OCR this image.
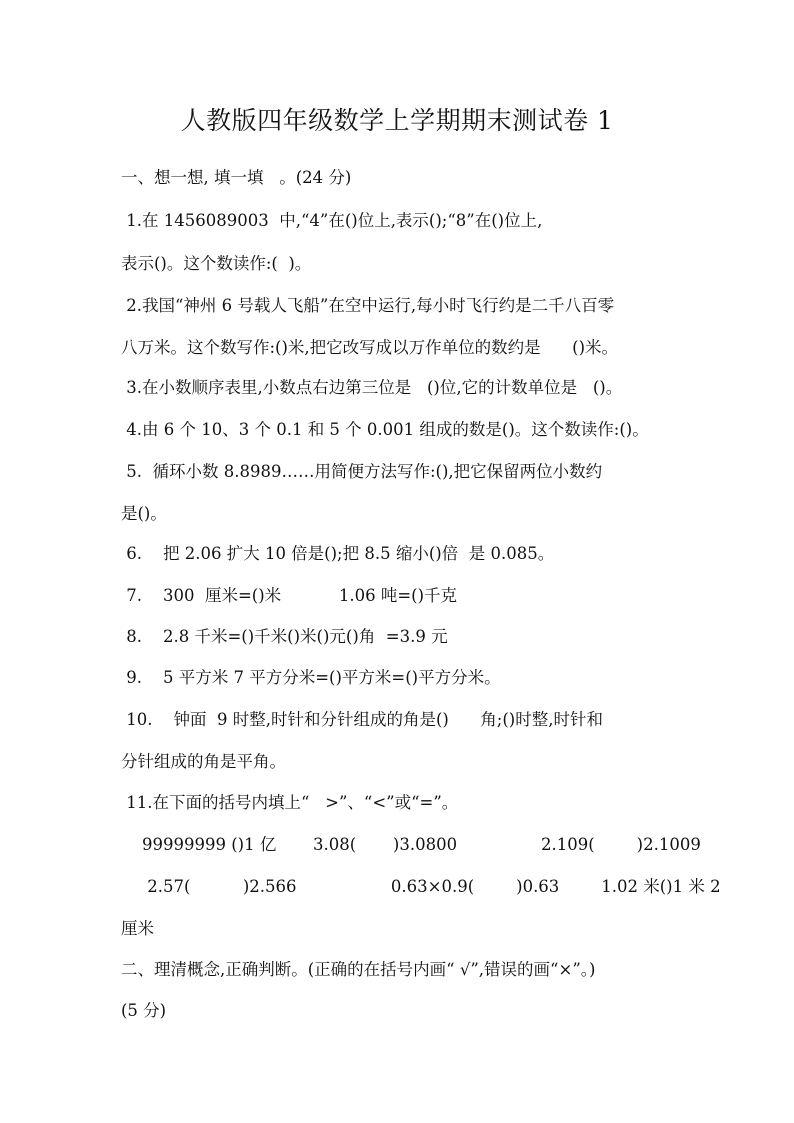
人教版四年级数学上学期期末测试卷 1
一、想一想, 填一填   。(24 分)
1.在 1456089003  中,“4”在()位上,表示();“8”在()位上,
表示()。这个数读作:(  )。
2.我国“神州 6 号载人飞船”在空中运行,每小时飞行约是二千八百零
八万米。这个数写作:()米,把它改写成以万作单位的数约是      ()米。
3.在小数顺序表里,小数点右边第三位是   ()位,它的计数单位是   ()。
4.由 6 个 10、3 个 0.1 和 5 个 0.001 组成的数是()。这个数读作:()。
5.  循环小数 8.8989……用简便方法写作:(),把它保留两位小数约
是()。
6.    把 2.06 扩大 10 倍是();把 8.5 缩小()倍  是 0.085。
7.    300  厘米=()米           1.06 吨=()千克
8.    2.8 千米=()千米()米()元()角  =3.9 元
9.    5 平方米 7 平方分米=()平方米=()平方分米。
10.    钟面  9 时整,时针和分针组成的角是()      角;()时整,时针和
分针组成的角是平角。
11.在下面的括号内填上“   >”、“<”或“=”。
99999999 ()1 亿       3.08(       )3.0800                2.109(        )2.1009
2.57(          )2.566                  0.63×0.9(        )0.63        1.02 米()1 米 2
厘米
二、理清概念,正确判断。(正确的在括号内画“ √”,错误的画“×”。)
(5 分)
